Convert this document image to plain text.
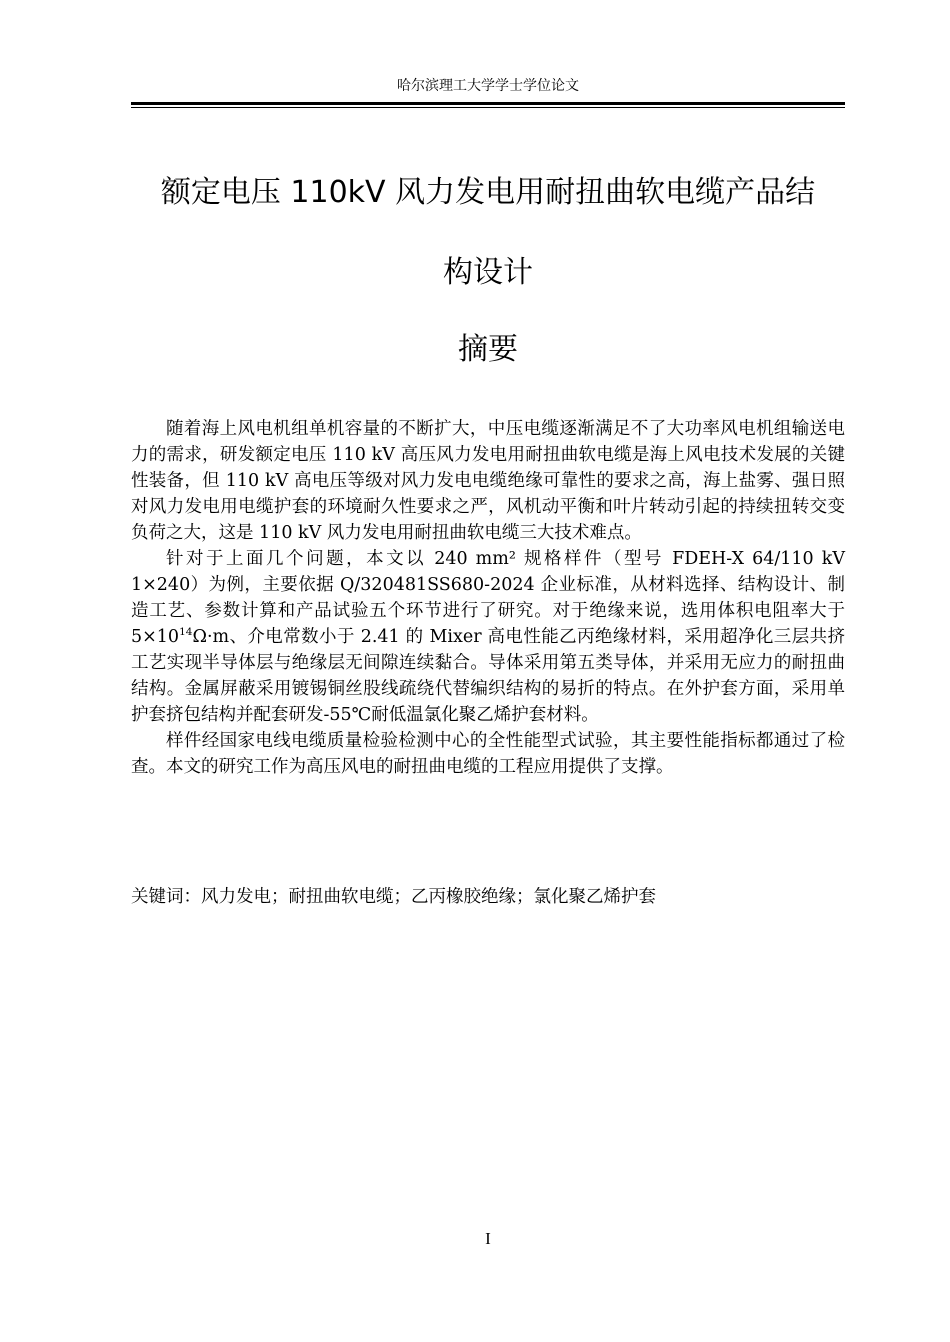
哈尔滨理工大学学士学位论文
额定电压 110kV 风力发电用耐扭曲软电缆产品结
构设计
摘要

随着海上风电机组单机容量的不断扩大，中压电缆逐渐满足不了大功率风电机组输送电力的需求，研发额定电压 110 kV 高压风力发电用耐扭曲软电缆是海上风电技术发展的关键性装备，但 110 kV 高电压等级对风力发电电缆绝缘可靠性的要求之高，海上盐雾、强日照对风力发电用电缆护套的环境耐久性要求之严，风机动平衡和叶片转动引起的持续扭转交变负荷之大，这是 110 kV 风力发电用耐扭曲软电缆三大技术难点。

针对于上面几个问题，本文以 240 mm² 规格样件（型号 FDEH-X 64/110 kV 1×240）为例，主要依据 Q/320481SS680-2024 企业标准，从材料选择、结构设计、制造工艺、参数计算和产品试验五个环节进行了研究。对于绝缘来说，选用体积电阻率大于 $5\times 10^{14}\Omega\cdot m$、介电常数小于 2.41 的 Mixer 高电性能乙丙绝缘材料，采用超净化三层共挤工艺实现半导体层与绝缘层无间隙连续黏合。导体采用第五类导体，并采用无应力的耐扭曲结构。金属屏蔽采用镀锡铜丝股线疏绕代替编织结构的易折的特点。在外护套方面，采用单护套挤包结构并配套研发-55℃耐低温氯化聚乙烯护套材料。

样件经国家电线电缆质量检验检测中心的全性能型式试验，其主要性能指标都通过了检查。本文的研究工作为高压风电的耐扭曲电缆的工程应用提供了支撑。

关键词：风力发电；耐扭曲软电缆；乙丙橡胶绝缘；氯化聚乙烯护套
I
